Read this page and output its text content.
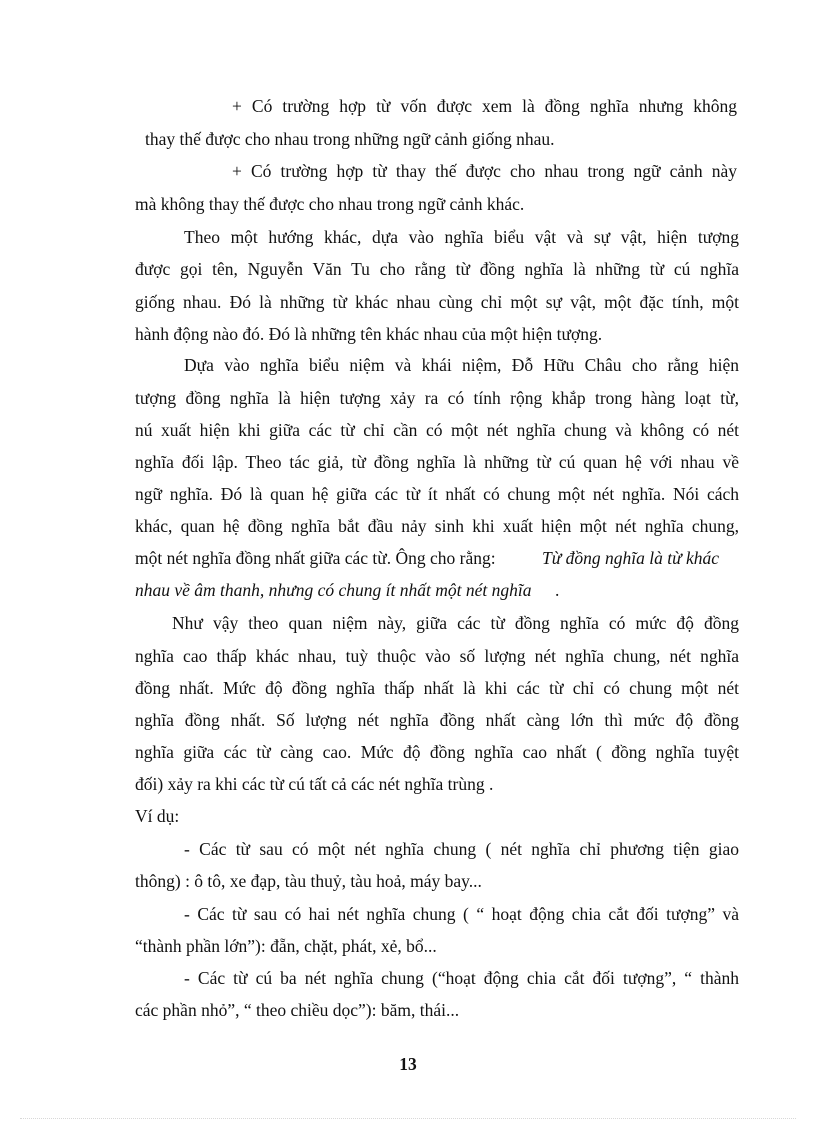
+ Có trường hợp từ vốn được xem là đồng nghĩa nhưng không

thay thế được cho nhau trong những ngữ cảnh giống nhau.

+ Có trường hợp từ thay thế được cho nhau trong ngữ cảnh này

mà không thay thế được cho nhau trong ngữ cảnh khác.

Theo một hướng khác, dựa vào nghĩa biểu vật và sự vật, hiện tượng

được gọi tên, Nguyễn Văn Tu cho rằng từ đồng nghĩa là những từ cú nghĩa

giống nhau. Đó là những từ khác nhau cùng chỉ một sự vật, một đặc tính, một

hành động nào đó. Đó là những tên khác nhau của một hiện tượng.

Dựa vào nghĩa biểu niệm và khái niệm, Đỗ Hữu Châu cho rằng hiện

tượng đồng nghĩa là hiện tượng xảy ra có tính rộng khắp trong hàng loạt từ,

nú xuất hiện khi giữa các từ chỉ cần có một nét nghĩa chung và không có nét

nghĩa đối lập. Theo tác giả, từ đồng nghĩa là những từ cú quan hệ với nhau về

ngữ nghĩa. Đó là quan hệ giữa các từ ít nhất có chung một nét nghĩa. Nói cách

khác, quan hệ đồng nghĩa bắt đầu nảy sinh khi xuất hiện một nét nghĩa chung,

một nét nghĩa đồng nhất giữa các từ. Ông cho rằng:	Từ đồng nghĩa là từ khác

nhau về âm thanh, nhưng có chung ít nhất một nét nghĩa .

Như vậy theo quan niệm này, giữa các từ đồng nghĩa có mức độ đồng

nghĩa cao thấp khác nhau, tuỳ thuộc vào số lượng nét nghĩa chung, nét nghĩa

đồng nhất. Mức độ đồng nghĩa thấp nhất là khi các từ chỉ có chung một nét

nghĩa đồng nhất. Số lượng nét nghĩa đồng nhất càng lớn thì mức độ đồng

nghĩa giữa các từ càng cao. Mức độ đồng nghĩa cao nhất ( đồng nghĩa tuyệt

đối) xảy ra khi các từ cú tất cả các nét nghĩa trùng .

Ví dụ:

- Các từ sau có một nét nghĩa chung ( nét nghĩa chỉ phương tiện giao

thông) : ô tô, xe đạp, tàu thuỷ, tàu hoả, máy bay...

- Các từ sau có hai nét nghĩa chung ( “ hoạt động chia cắt đối tượng” và

“thành phần lớn”): đẵn, chặt, phát, xẻ, bổ...

- Các từ cú ba nét nghĩa chung (“hoạt động chia cắt đối tượng”, “ thành

các phần nhỏ”, “ theo chiều dọc”): băm, thái...

13
